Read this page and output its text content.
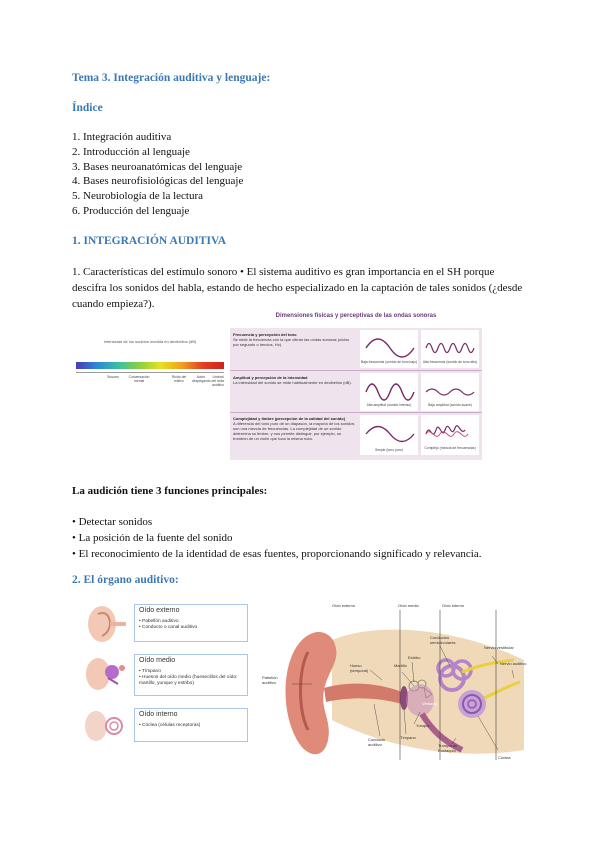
Tema 3. Integración auditiva y lenguaje:
Índice
1. Integración auditiva
2. Introducción al lenguaje
3. Bases neuroanatómicas del lenguaje
4. Bases neurofisiológicas del lenguaje
5. Neurobiología de la lectura
6. Producción del lenguaje
1. INTEGRACIÓN AUDITIVA
1. Características del estímulo sonoro • El sistema auditivo es gran importancia en el SH porque
descifra los sonidos del habla, estando de hecho especializado en la captación de tales sonidos (¿desde
cuando empieza?).
Intensidad de los sonidos medida en decibelios (dB)
Susurro	Conversación normal
Ruido del tráfico
Avión despegando
Umbral del dolor auditivo
Dimensiones físicas y perceptivas de las ondas sonoras
Frecuencia y percepción del tono
Se mide la frecuencia con la que vibran las ondas sonoras (ciclos por segundo o hercios, Hz).
Amplitud y percepción de la intensidad
La intensidad del sonido se mide habitualmente en decibelios (dB).
Complejidad y timbre (percepción de la calidad del sonido)
A diferencia del tono puro de un diapasón, la mayoría de los sonidos son una mezcla de frecuencias. La complejidad de un sonido determina su timbre, y nos permite distinguir, por ejemplo, un trombón de un violín que toca la misma nota.
Baja frecuencia (sonido de tono bajo)	Alta frecuencia (sonido de tono alto)
Alta amplitud (sonido intenso)	Baja amplitud (sonido suave)
Simple (tono puro)	Complejo (mezcla de frecuencias)
La audición tiene 3 funciones principales:
• Detectar sonidos
• La posición de la fuente del sonido
• El reconocimiento de la identidad de esas fuentes, proporcionando significado y relevancia.
2. El órgano auditivo:
Oído externo
• Pabellón auditivo
• Conducto o canal auditivo
Oído medio
• Tímpano
• Huesos del oído medio (huesecillos del oído: martillo, yunque y estribo)
Oído interno
• Cóclea (células receptoras)
Oído externo	Oído medio	Oído interno
Hueso (temporal)
Estribo
Martillo
Conductos semicirculares
Nervio vestibular
Nervio auditivo
Pabellón auditivo
Yunque
Conducto auditivo
Tímpano
Trompa de Eustaquio
Cóclea
Ventana
